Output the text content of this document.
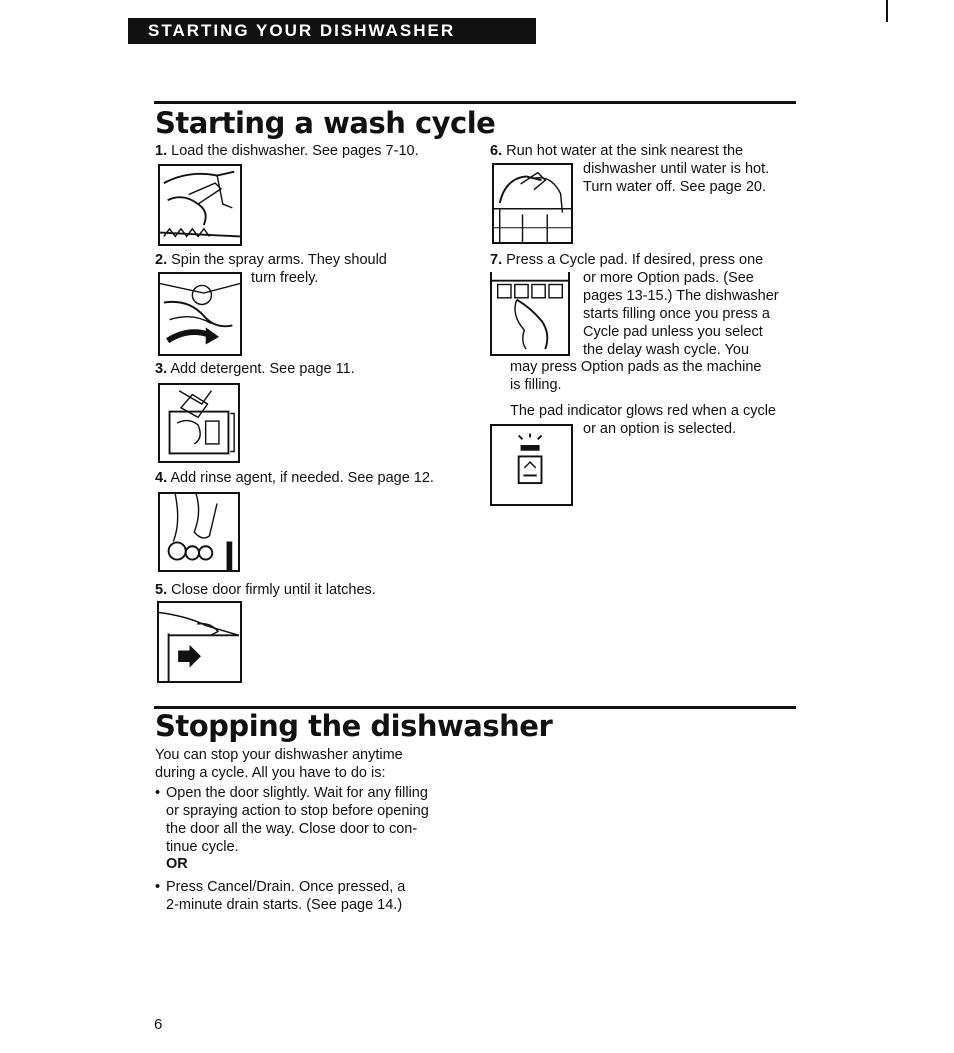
STARTING YOUR DISHWASHER
Starting a wash cycle
1. Load the dishwasher. See pages 7-10.
2. Spin the spray arms. They should
turn freely.
3. Add detergent. See page 11.
4. Add rinse agent, if needed. See page 12.
5. Close door firmly until it latches.
6. Run hot water at the sink nearest the
dishwasher until water is hot.
Turn water off. See page 20.
7. Press a Cycle pad. If desired, press one
or more Option pads. (See
pages 13-15.) The dishwasher
starts filling once you press a
Cycle pad unless you select
the delay wash cycle. You
may press Option pads as the machine
is filling.
The pad indicator glows red when a cycle
or an option is selected.
Stopping the dishwasher
You can stop your dishwasher anytime
during a cycle. All you have to do is:
• Open the door slightly. Wait for any filling
or spraying action to stop before opening
the door all the way. Close door to con-
tinue cycle.
OR
• Press Cancel/Drain. Once pressed, a
2-minute drain starts. (See page 14.)
6
